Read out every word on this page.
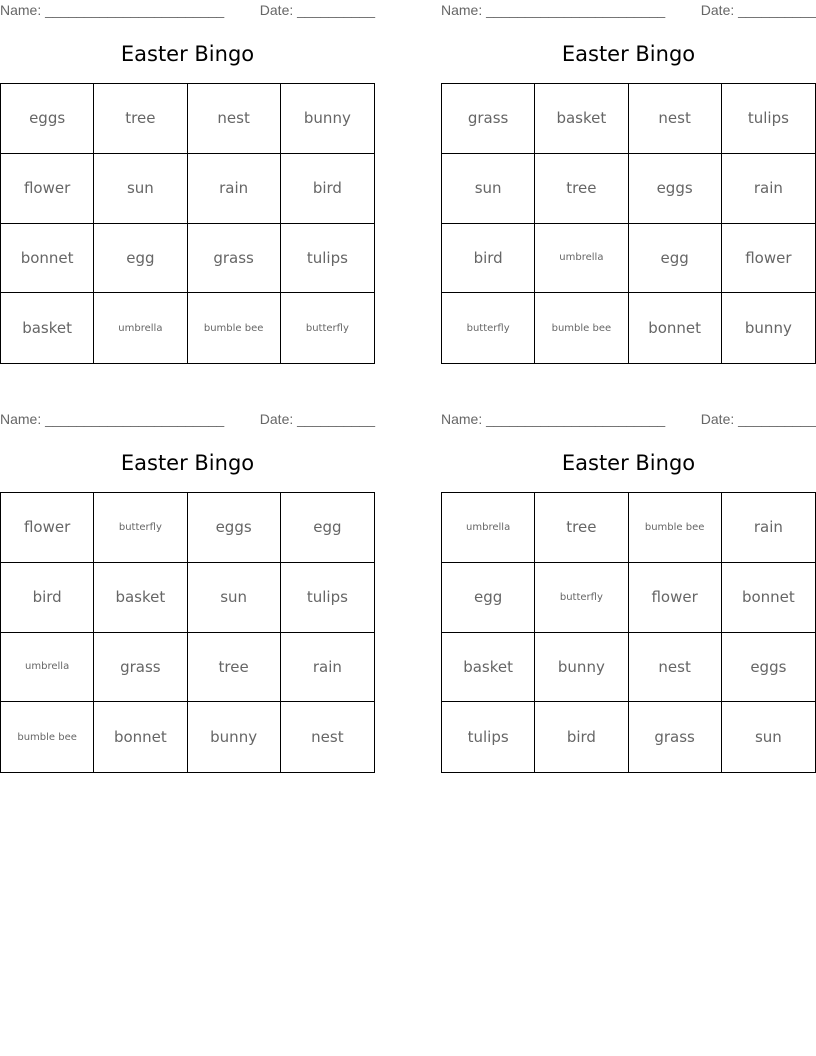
Name: _______________________	Date: __________
Easter Bingo
eggs	tree	nest	bunny
flower	sun	rain	bird
bonnet	egg	grass	tulips
basket	umbrella	bumble bee	butterfly
Name: _______________________	Date: __________
Easter Bingo
grass	basket	nest	tulips
sun	tree	eggs	rain
bird	umbrella	egg	flower
butterfly	bumble bee	bonnet	bunny
Name: _______________________	Date: __________
Easter Bingo
flower	butterfly	eggs	egg
bird	basket	sun	tulips
umbrella	grass	tree	rain
bumble bee	bonnet	bunny	nest
Name: _______________________	Date: __________
Easter Bingo
umbrella	tree	bumble bee	rain
egg	butterfly	flower	bonnet
basket	bunny	nest	eggs
tulips	bird	grass	sun
